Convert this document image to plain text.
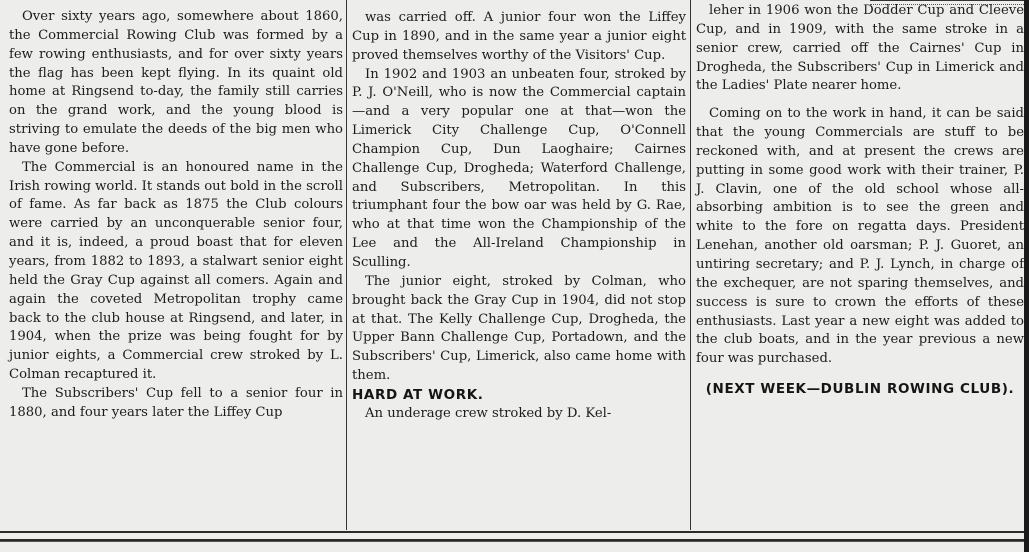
Over sixty years ago, somewhere about 1860, the Commercial Rowing Club was formed by a few rowing enthusiasts, and for over sixty years the flag has been kept flying. In its quaint old home at Ringsend to-day, the family still carries on the grand work, and the young blood is striving to emulate the deeds of the big men who have gone before.

The Commercial is an honoured name in the Irish rowing world. It stands out bold in the scroll of fame. As far back as 1875 the Club colours were carried by an unconquerable senior four, and it is, indeed, a proud boast that for eleven years, from 1882 to 1893, a stalwart senior eight held the Gray Cup against all comers. Again and again the coveted Metropolitan trophy came back to the club house at Ringsend, and later, in 1904, when the prize was being fought for by junior eights, a Commercial crew stroked by L. Colman recaptured it.

The Subscribers' Cup fell to a senior four in 1880, and four years later the Liffey Cup

was carried off. A junior four won the Liffey Cup in 1890, and in the same year a junior eight proved themselves worthy of the Visitors' Cup.

In 1902 and 1903 an unbeaten four, stroked by P. J. O'Neill, who is now the Commercial captain—and a very popular one at that—won the Limerick City Challenge Cup, O'Connell Champion Cup, Dun Laoghaire; Cairnes Challenge Cup, Drogheda; Waterford Challenge, and Subscribers, Metropolitan. In this triumphant four the bow oar was held by G. Rae, who at that time won the Championship of the Lee and the All-Ireland Championship in Sculling.

The junior eight, stroked by Colman, who brought back the Gray Cup in 1904, did not stop at that. The Kelly Challenge Cup, Drogheda, the Upper Bann Challenge Cup, Portadown, and the Subscribers' Cup, Limerick, also came home with them.

HARD AT WORK.

An underage crew stroked by D. Kel-

leher in 1906 won the Dodder Cup and Cleeve Cup, and in 1909, with the same stroke in a senior crew, carried off the Cairnes' Cup in Drogheda, the Subscribers' Cup in Limerick and the Ladies' Plate nearer home.

Coming on to the work in hand, it can be said that the young Commercials are stuff to be reckoned with, and at present the crews are putting in some good work with their trainer, P. J. Clavin, one of the old school whose all-absorbing ambition is to see the green and white to the fore on regatta days. President Lenehan, another old oarsman; P. J. Guoret, an untiring secretary; and P. J. Lynch, in charge of the exchequer, are not sparing themselves, and success is sure to crown the efforts of these enthusiasts. Last year a new eight was added to the club boats, and in the year previous a new four was purchased.

(NEXT WEEK—DUBLIN ROWING CLUB).
